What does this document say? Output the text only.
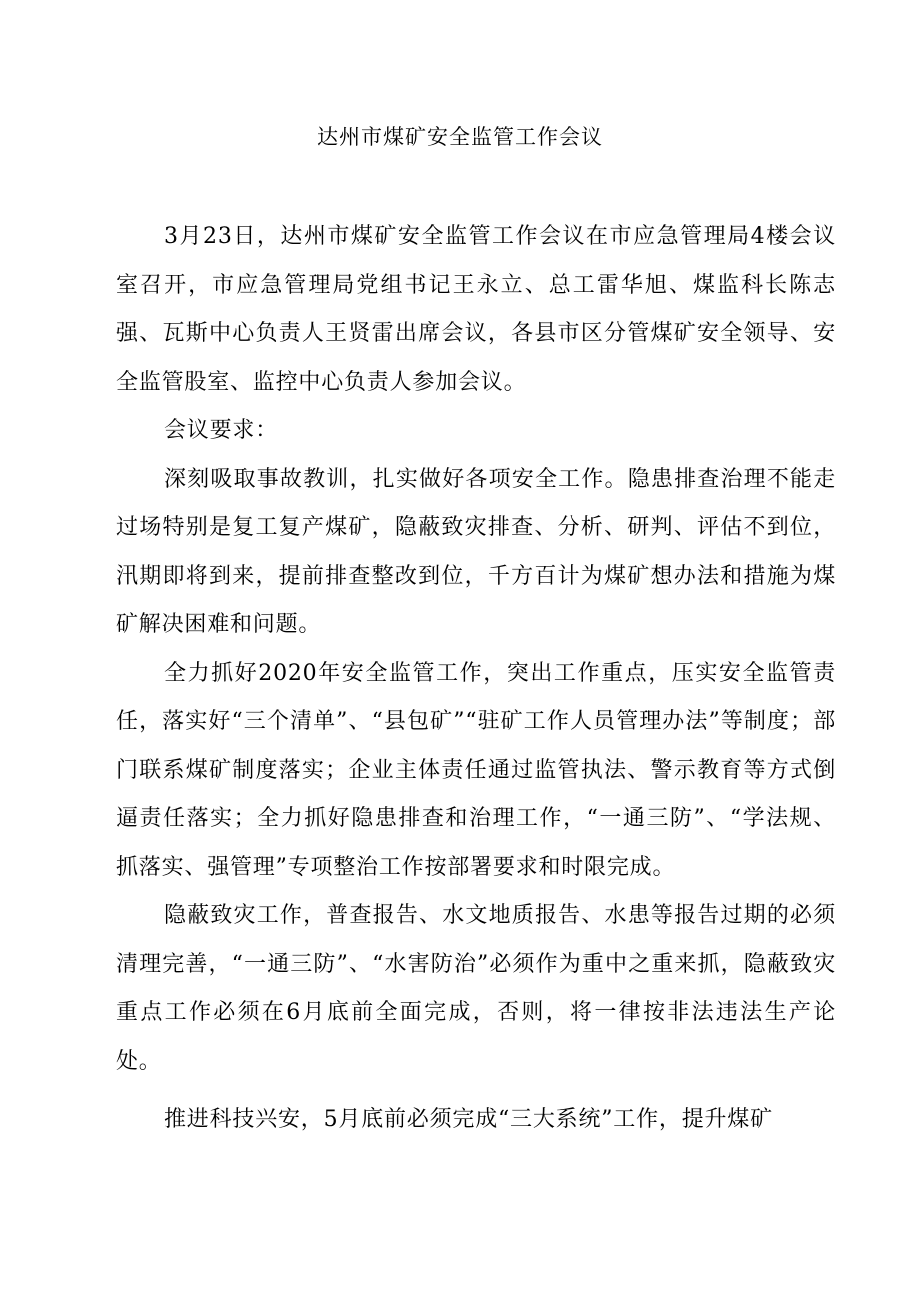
达州市煤矿安全监管工作会议

3月23日，达州市煤矿安全监管工作会议在市应急管理局4楼会议室召开，市应急管理局党组书记王永立、总工雷华旭、煤监科长陈志强、瓦斯中心负责人王贤雷出席会议，各县市区分管煤矿安全领导、安全监管股室、监控中心负责人参加会议。

会议要求：

深刻吸取事故教训，扎实做好各项安全工作。隐患排查治理不能走过场特别是复工复产煤矿，隐蔽致灾排查、分析、研判、评估不到位，汛期即将到来，提前排查整改到位，千方百计为煤矿想办法和措施为煤矿解决困难和问题。

全力抓好2020年安全监管工作，突出工作重点，压实安全监管责任，落实好“三个清单”、“县包矿”“驻矿工作人员管理办法”等制度；部门联系煤矿制度落实；企业主体责任通过监管执法、警示教育等方式倒逼责任落实；全力抓好隐患排查和治理工作，“一通三防”、“学法规、抓落实、强管理”专项整治工作按部署要求和时限完成。

隐蔽致灾工作，普查报告、水文地质报告、水患等报告过期的必须清理完善，“一通三防”、“水害防治”必须作为重中之重来抓，隐蔽致灾重点工作必须在6月底前全面完成，否则，将一律按非法违法生产论处。

推进科技兴安，5月底前必须完成“三大系统”工作，提升煤矿
